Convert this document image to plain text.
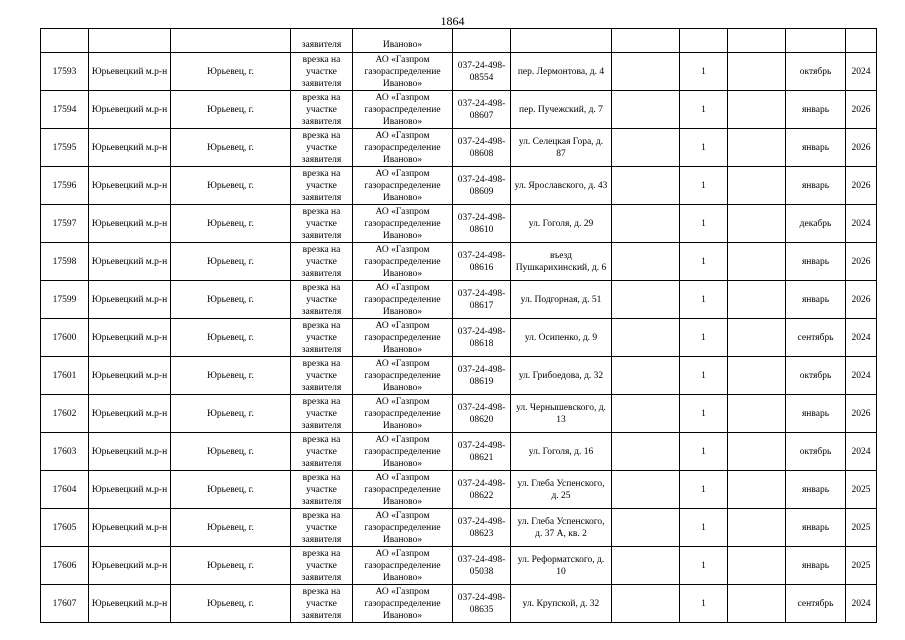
1864
			заявителя	Иваново»							
17593	Юрьевецкий м.р-н	Юрьевец, г.	врезка на участке заявителя	АО «Газпром газораспределение Иваново»	037-24-498-08554	пер. Лермонтова, д. 4		1		октябрь	2024
17594	Юрьевецкий м.р-н	Юрьевец, г.	врезка на участке заявителя	АО «Газпром газораспределение Иваново»	037-24-498-08607	пер. Пучежский, д. 7		1		январь	2026
17595	Юрьевецкий м.р-н	Юрьевец, г.	врезка на участке заявителя	АО «Газпром газораспределение Иваново»	037-24-498-08608	ул. Селецкая Гора, д. 87		1		январь	2026
17596	Юрьевецкий м.р-н	Юрьевец, г.	врезка на участке заявителя	АО «Газпром газораспределение Иваново»	037-24-498-08609	ул. Ярославского, д. 43		1		январь	2026
17597	Юрьевецкий м.р-н	Юрьевец, г.	врезка на участке заявителя	АО «Газпром газораспределение Иваново»	037-24-498-08610	ул. Гоголя, д. 29		1		декабрь	2024
17598	Юрьевецкий м.р-н	Юрьевец, г.	врезка на участке заявителя	АО «Газпром газораспределение Иваново»	037-24-498-08616	въезд Пушкарихинский, д. 6		1		январь	2026
17599	Юрьевецкий м.р-н	Юрьевец, г.	врезка на участке заявителя	АО «Газпром газораспределение Иваново»	037-24-498-08617	ул. Подгорная, д. 51		1		январь	2026
17600	Юрьевецкий м.р-н	Юрьевец, г.	врезка на участке заявителя	АО «Газпром газораспределение Иваново»	037-24-498-08618	ул. Осипенко, д. 9		1		сентябрь	2024
17601	Юрьевецкий м.р-н	Юрьевец, г.	врезка на участке заявителя	АО «Газпром газораспределение Иваново»	037-24-498-08619	ул. Грибоедова, д. 32		1		октябрь	2024
17602	Юрьевецкий м.р-н	Юрьевец, г.	врезка на участке заявителя	АО «Газпром газораспределение Иваново»	037-24-498-08620	ул. Чернышевского, д. 13		1		январь	2026
17603	Юрьевецкий м.р-н	Юрьевец, г.	врезка на участке заявителя	АО «Газпром газораспределение Иваново»	037-24-498-08621	ул. Гоголя, д. 16		1		октябрь	2024
17604	Юрьевецкий м.р-н	Юрьевец, г.	врезка на участке заявителя	АО «Газпром газораспределение Иваново»	037-24-498-08622	ул. Глеба Успенского, д. 25		1		январь	2025
17605	Юрьевецкий м.р-н	Юрьевец, г.	врезка на участке заявителя	АО «Газпром газораспределение Иваново»	037-24-498-08623	ул. Глеба Успенского, д. 37 А, кв. 2		1		январь	2025
17606	Юрьевецкий м.р-н	Юрьевец, г.	врезка на участке заявителя	АО «Газпром газораспределение Иваново»	037-24-498-05038	ул. Реформатского, д. 10		1		январь	2025
17607	Юрьевецкий м.р-н	Юрьевец, г.	врезка на участке заявителя	АО «Газпром газораспределение Иваново»	037-24-498-08635	ул. Крупской, д. 32		1		сентябрь	2024
